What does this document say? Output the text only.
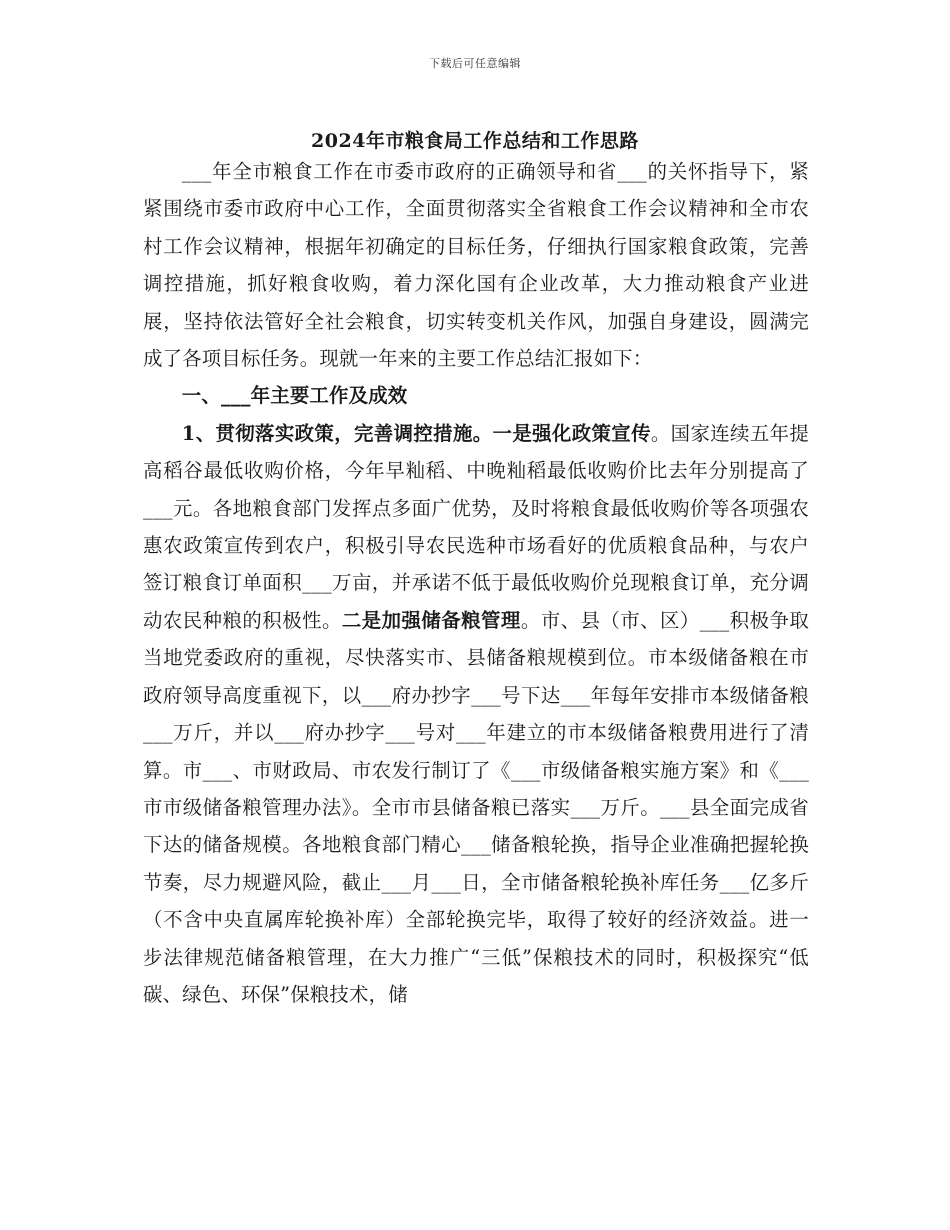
下载后可任意编辑
2024年市粮食局工作总结和工作思路

___年全市粮食工作在市委市政府的正确领导和省___的关怀指导下，紧紧围绕市委市政府中心工作，全面贯彻落实全省粮食工作会议精神和全市农村工作会议精神，根据年初确定的目标任务，仔细执行国家粮食政策，完善调控措施，抓好粮食收购，着力深化国有企业改革，大力推动粮食产业进展，坚持依法管好全社会粮食，切实转变机关作风，加强自身建设，圆满完成了各项目标任务。现就一年来的主要工作总结汇报如下：

一、___年主要工作及成效

1、贯彻落实政策，完善调控措施。一是强化政策宣传。国家连续五年提高稻谷最低收购价格，今年早籼稻、中晚籼稻最低收购价比去年分别提高了___元。各地粮食部门发挥点多面广优势，及时将粮食最低收购价等各项强农惠农政策宣传到农户，积极引导农民选种市场看好的优质粮食品种，与农户签订粮食订单面积___万亩，并承诺不低于最低收购价兑现粮食订单，充分调动农民种粮的积极性。二是加强储备粮管理。市、县（市、区）___积极争取当地党委政府的重视，尽快落实市、县储备粮规模到位。市本级储备粮在市政府领导高度重视下，以___府办抄字___号下达___年每年安排市本级储备粮___万斤，并以___府办抄字___号对___年建立的市本级储备粮费用进行了清算。市___、市财政局、市农发行制订了《___市级储备粮实施方案》和《___市市级储备粮管理办法》。全市市县储备粮已落实___万斤。___县全面完成省下达的储备规模。各地粮食部门精心___储备粮轮换，指导企业准确把握轮换节奏，尽力规避风险，截止___月___日，全市储备粮轮换补库任务___亿多斤（不含中央直属库轮换补库）全部轮换完毕，取得了较好的经济效益。进一步法律规范储备粮管理，在大力推广“三低”保粮技术的同时，积极探究“低碳、绿色、环保”保粮技术，储
